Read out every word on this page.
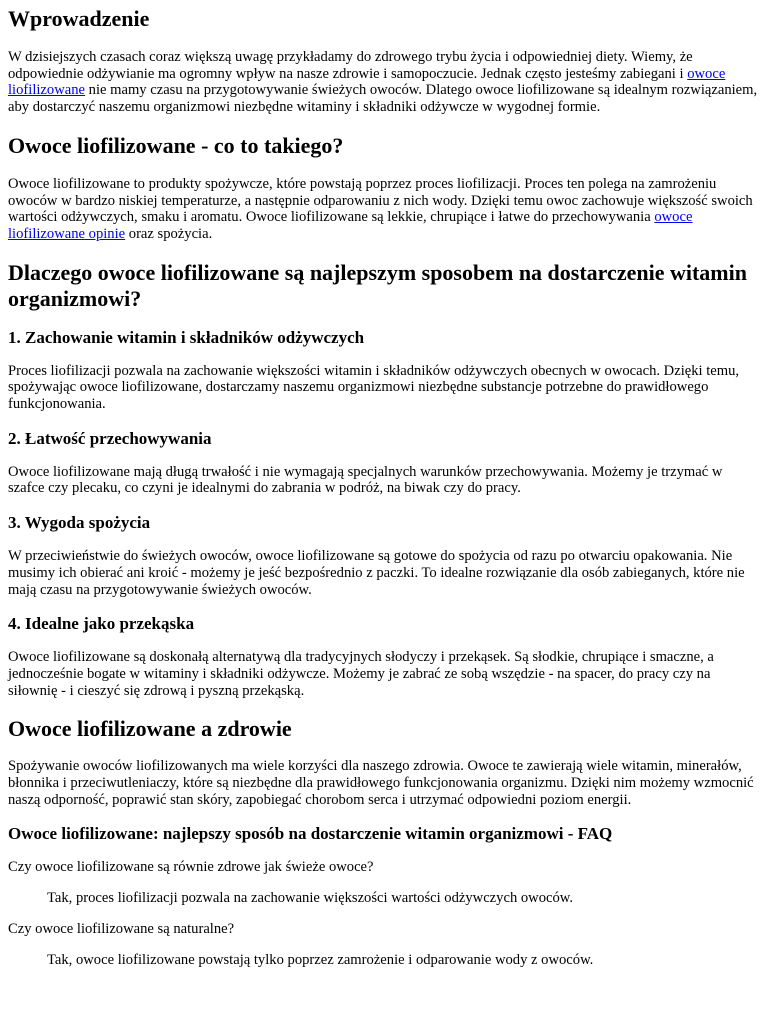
Wprowadzenie

W dzisiejszych czasach coraz większą uwagę przykładamy do zdrowego trybu życia i odpowiedniej diety. Wiemy, że odpowiednie odżywianie ma ogromny wpływ na nasze zdrowie i samopoczucie. Jednak często jesteśmy zabiegani i owoce liofilizowane nie mamy czasu na przygotowywanie świeżych owoców. Dlatego owoce liofilizowane są idealnym rozwiązaniem, aby dostarczyć naszemu organizmowi niezbędne witaminy i składniki odżywcze w wygodnej formie.

Owoce liofilizowane - co to takiego?

Owoce liofilizowane to produkty spożywcze, które powstają poprzez proces liofilizacji. Proces ten polega na zamrożeniu owoców w bardzo niskiej temperaturze, a następnie odparowaniu z nich wody. Dzięki temu owoc zachowuje większość swoich wartości odżywczych, smaku i aromatu. Owoce liofilizowane są lekkie, chrupiące i łatwe do przechowywania owoce liofilizowane opinie oraz spożycia.

Dlaczego owoce liofilizowane są najlepszym sposobem na dostarczenie witamin organizmowi?
1. Zachowanie witamin i składników odżywczych

Proces liofilizacji pozwala na zachowanie większości witamin i składników odżywczych obecnych w owocach. Dzięki temu, spożywając owoce liofilizowane, dostarczamy naszemu organizmowi niezbędne substancje potrzebne do prawidłowego funkcjonowania.

2. Łatwość przechowywania

Owoce liofilizowane mają długą trwałość i nie wymagają specjalnych warunków przechowywania. Możemy je trzymać w szafce czy plecaku, co czyni je idealnymi do zabrania w podróż, na biwak czy do pracy.

3. Wygoda spożycia

W przeciwieństwie do świeżych owoców, owoce liofilizowane są gotowe do spożycia od razu po otwarciu opakowania. Nie musimy ich obierać ani kroić - możemy je jeść bezpośrednio z paczki. To idealne rozwiązanie dla osób zabieganych, które nie mają czasu na przygotowywanie świeżych owoców.

4. Idealne jako przekąska

Owoce liofilizowane są doskonałą alternatywą dla tradycyjnych słodyczy i przekąsek. Są słodkie, chrupiące i smaczne, a jednocześnie bogate w witaminy i składniki odżywcze. Możemy je zabrać ze sobą wszędzie - na spacer, do pracy czy na siłownię - i cieszyć się zdrową i pyszną przekąską.

Owoce liofilizowane a zdrowie

Spożywanie owoców liofilizowanych ma wiele korzyści dla naszego zdrowia. Owoce te zawierają wiele witamin, minerałów, błonnika i przeciwutleniaczy, które są niezbędne dla prawidłowego funkcjonowania organizmu. Dzięki nim możemy wzmocnić naszą odporność, poprawić stan skóry, zapobiegać chorobom serca i utrzymać odpowiedni poziom energii.

Owoce liofilizowane: najlepszy sposób na dostarczenie witamin organizmowi - FAQ

Czy owoce liofilizowane są równie zdrowe jak świeże owoce?

Tak, proces liofilizacji pozwala na zachowanie większości wartości odżywczych owoców.

Czy owoce liofilizowane są naturalne?

Tak, owoce liofilizowane powstają tylko poprzez zamrożenie i odparowanie wody z owoców.
